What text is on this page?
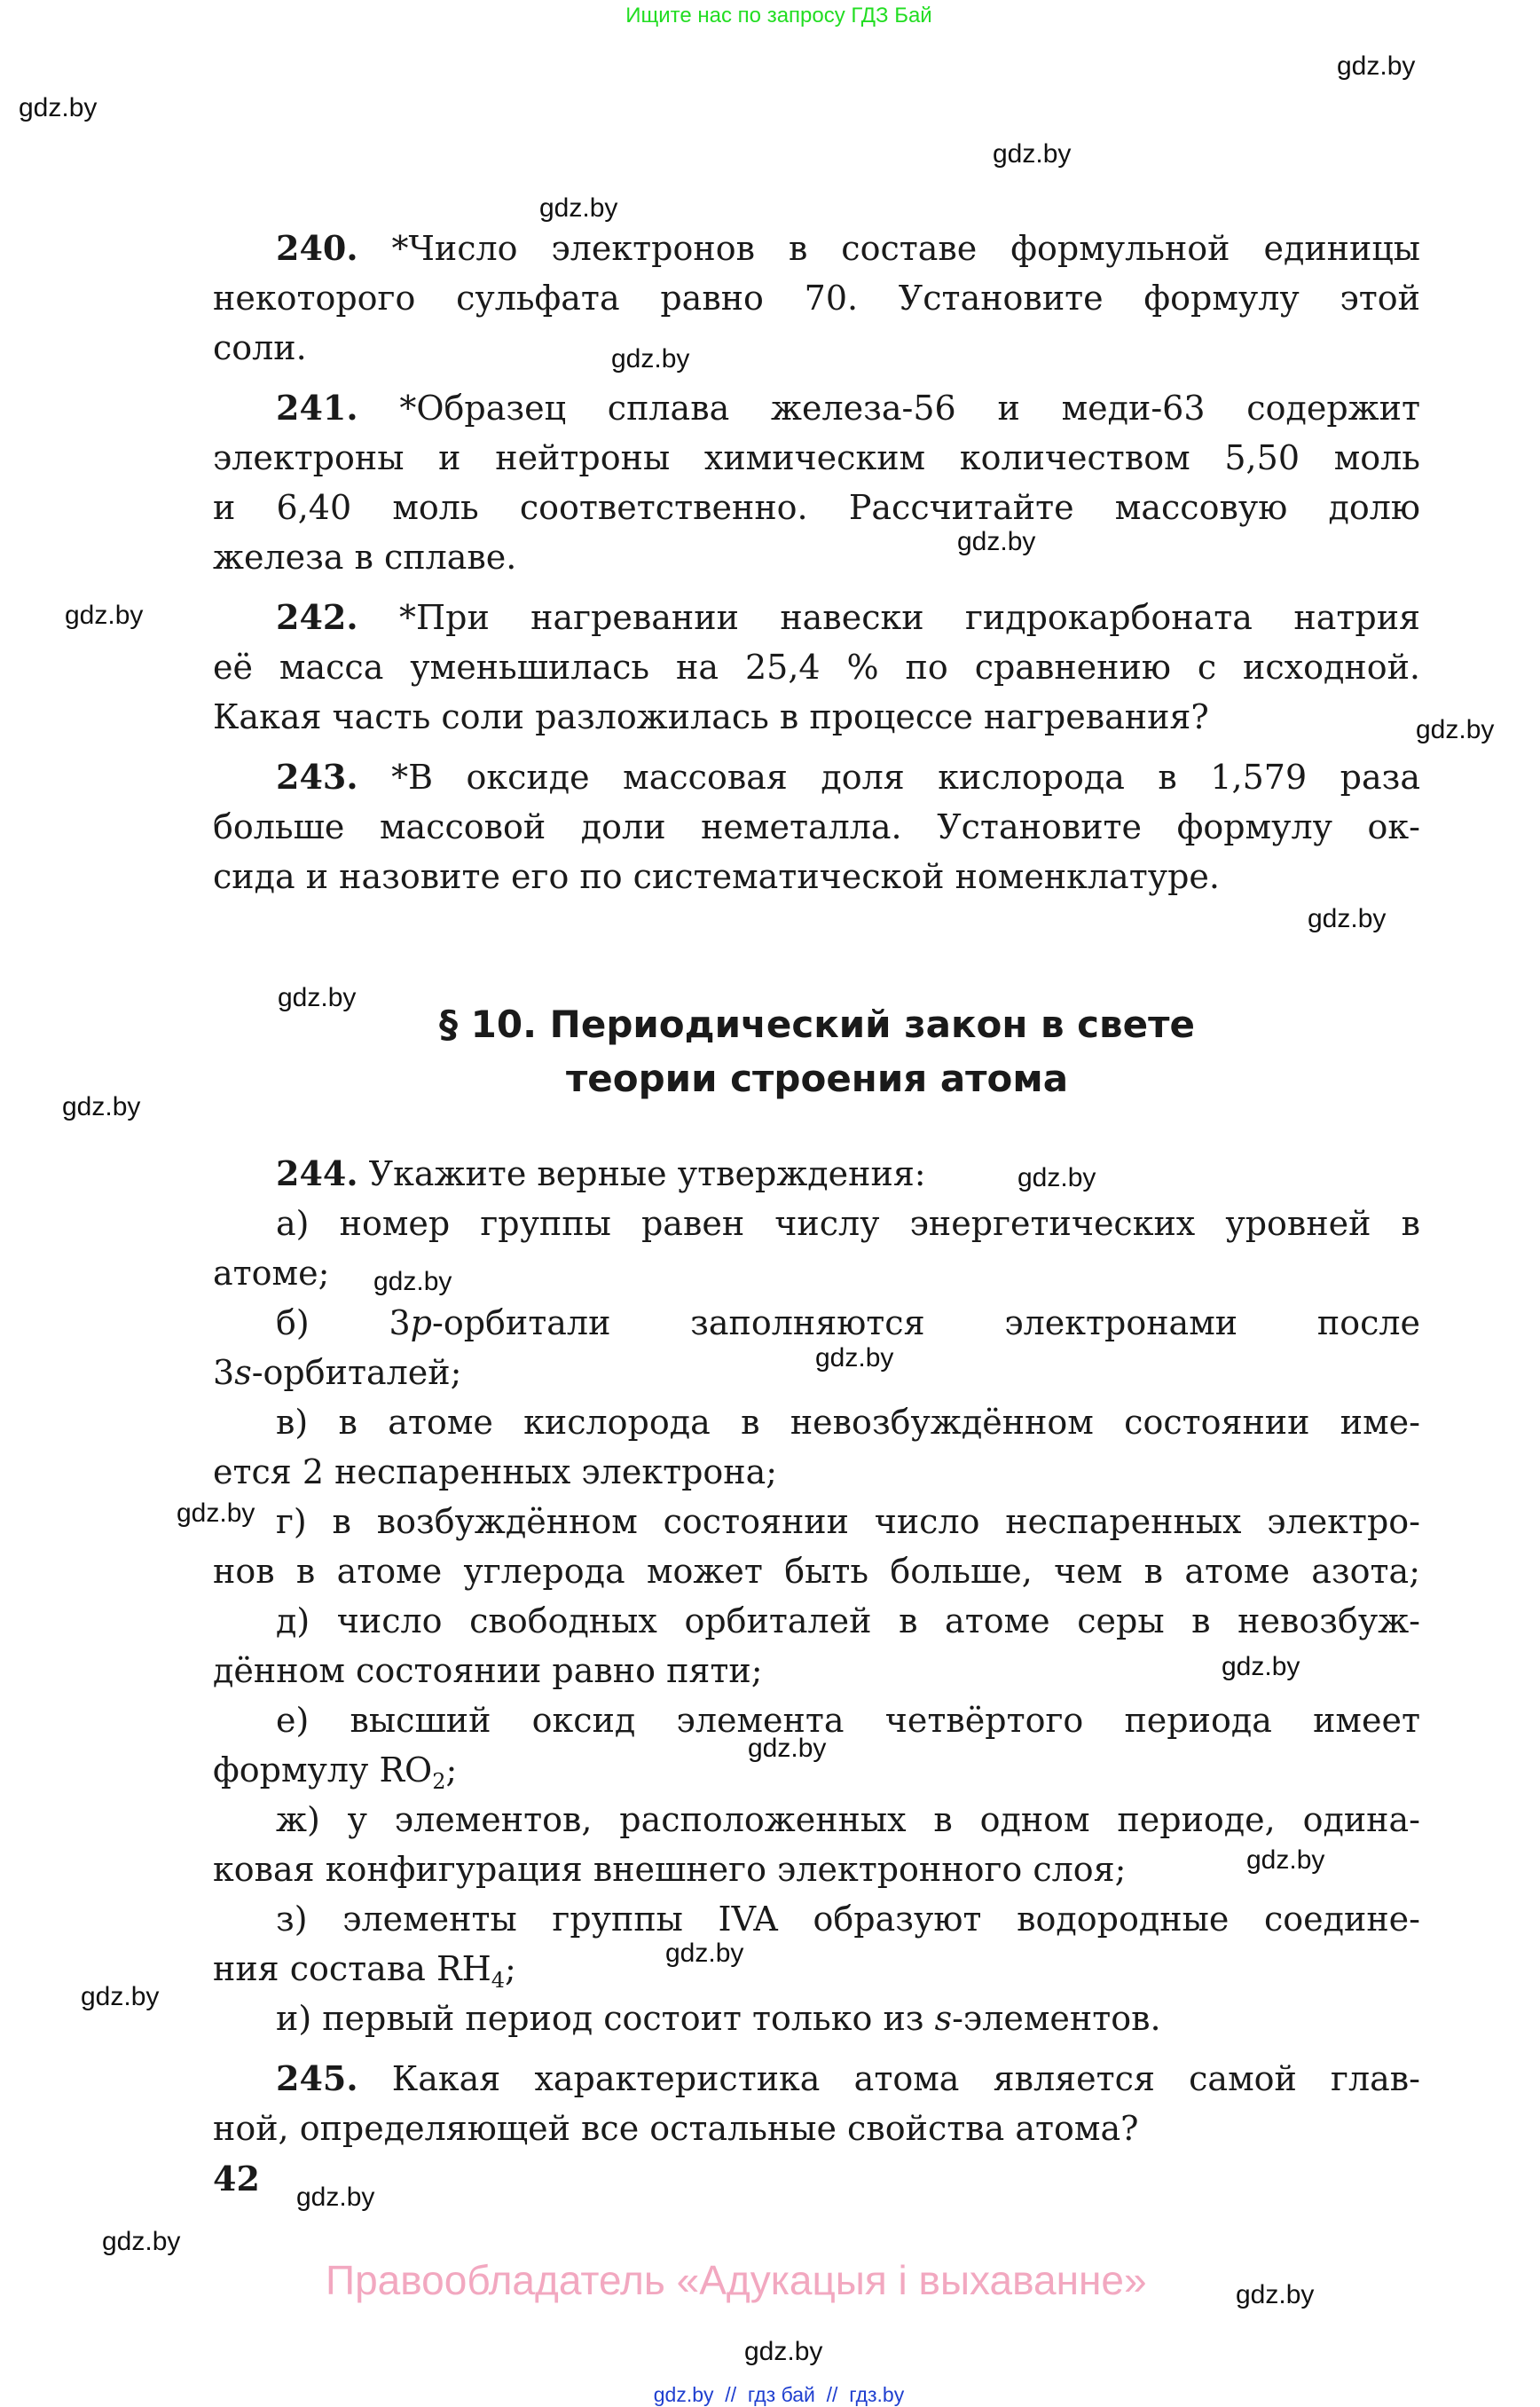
Ищите нас по запросу ГДЗ Бай
gdz.by
gdz.by
gdz.by
gdz.by
gdz.by
gdz.by
gdz.by
gdz.by
gdz.by
gdz.by
gdz.by
gdz.by
gdz.by
gdz.by
gdz.by
gdz.by
gdz.by
gdz.by
gdz.by
gdz.by
gdz.by
gdz.by
gdz.by
gdz.by
240. *Число электронов в составе формульной единицы
некоторого сульфата равно 70. Установите формулу этой
соли.
241. *Образец сплава железа-56 и меди-63 содержит
электроны и нейтроны химическим количеством 5,50 моль
и 6,40 моль соответственно. Рассчитайте массовую долю
железа в сплаве.
242. *При нагревании навески гидрокарбоната натрия
её масса уменьшилась на 25,4 % по сравнению с исходной.
Какая часть соли разложилась в процессе нагревания?
243. *В оксиде массовая доля кислорода в 1,579 раза
больше массовой доли неметалла. Установите формулу ок-
сида и назовите его по систематической номенклатуре.
§ 10. Периодический закон в свете
теории строения атома
244. Укажите верные утверждения:
а) номер группы равен числу энергетических уровней в
атоме;
б) 3p-орбитали заполняются электронами после
3s-орбиталей;
в) в атоме кислорода в невозбуждённом состоянии име-
ется 2 неспаренных электрона;
г) в возбуждённом состоянии число неспаренных электро-
нов в атоме углерода может быть больше, чем в атоме азота;
д) число свободных орбиталей в атоме серы в невозбуж-
дённом состоянии равно пяти;
е) высший оксид элемента четвёртого периода имеет
формулу $RO_2$;
ж) у элементов, расположенных в одном периоде, одина-
ковая конфигурация внешнего электронного слоя;
з) элементы группы IVA образуют водородные соедине-
ния состава $RH_4$;
и) первый период состоит только из s-элементов.
245. Какая характеристика атома является самой глав-
ной, определяющей все остальные свойства атома?
42
Правообладатель «Адукацыя і выхаванне»
gdz.by  //  гдз бай  //  гдз.by
